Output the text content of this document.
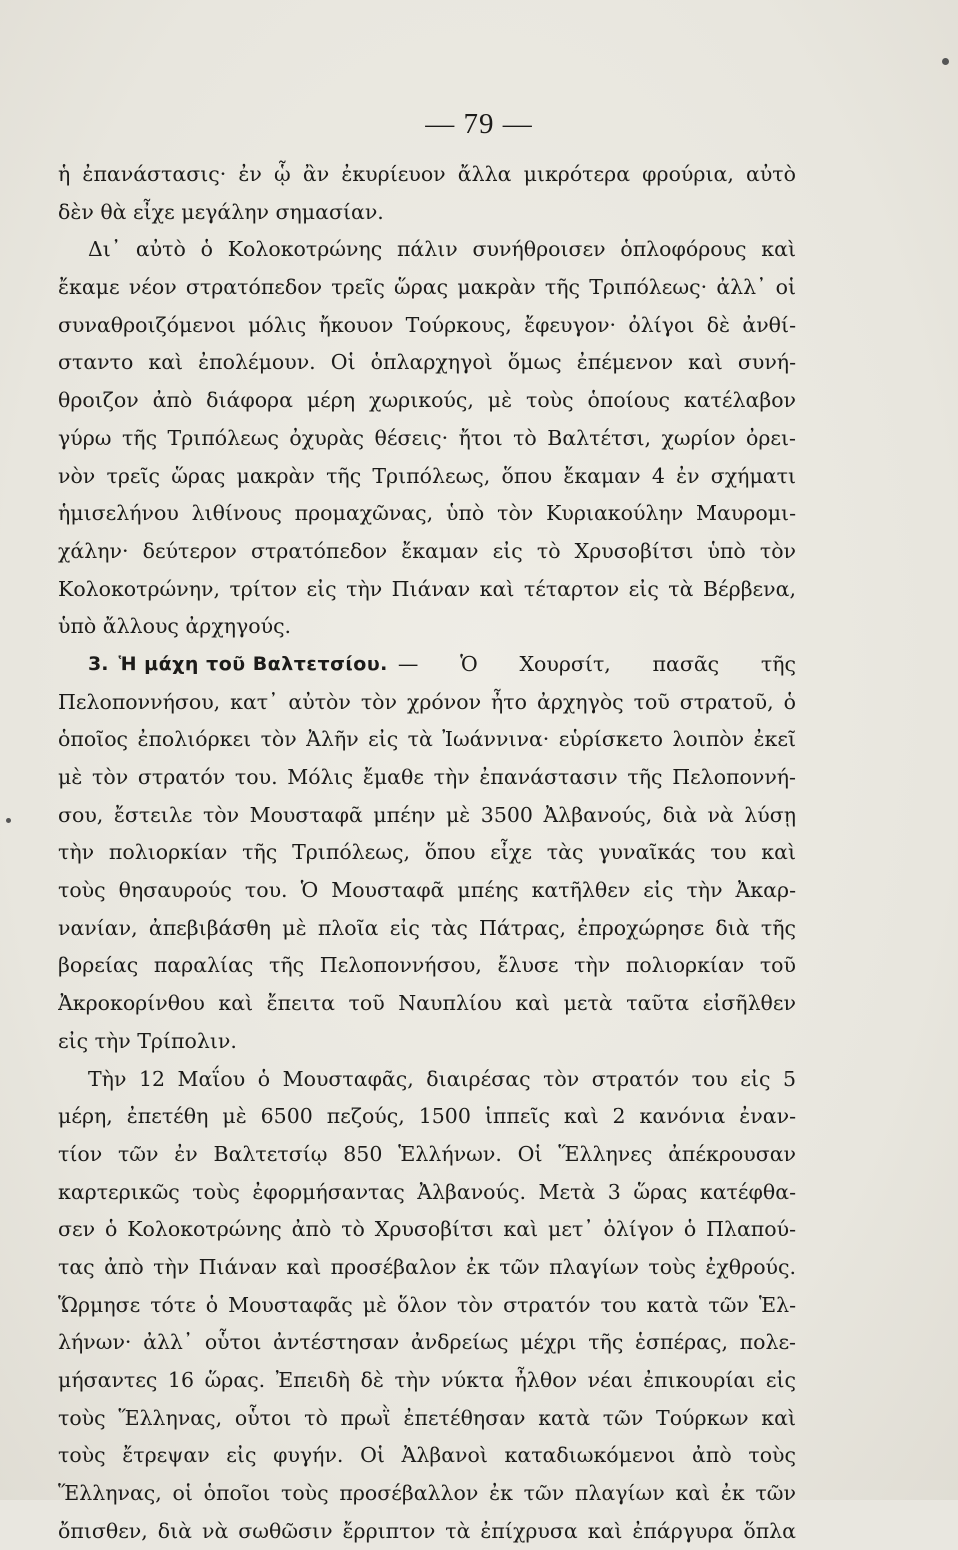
— 79 —
ἡ ἐπανάστασις· ἐν ᾧ ἂν ἐκυρίευον ἄλλα μικρότερα φρούρια, αὐτὸ
δὲν θὰ εἶχε μεγάλην σημασίαν.
Δι᾽ αὐτὸ ὁ Κολοκοτρώνης πάλιν συνήθροισεν ὁπλοφόρους καὶ
ἔκαμε νέον στρατόπεδον τρεῖς ὥρας μακρὰν τῆς Τριπόλεως· ἀλλ᾽ οἱ
συναθροιζόμενοι μόλις ἤκουον Τούρκους, ἔφευγον· ὀλίγοι δὲ ἀνθί-
σταντο καὶ ἐπολέμουν. Οἱ ὁπλαρχηγοὶ ὅμως ἐπέμενον καὶ συνή-
θροιζον ἀπὸ διάφορα μέρη χωρικούς, μὲ τοὺς ὁποίους κατέλαβον
γύρω τῆς Τριπόλεως ὀχυρὰς θέσεις· ἤτοι τὸ Βαλτέτσι, χωρίον ὀρει-
νὸν τρεῖς ὥρας μακρὰν τῆς Τριπόλεως, ὅπου ἔκαμαν 4 ἐν σχήματι
ἡμισελήνου λιθίνους προμαχῶνας, ὑπὸ τὸν Κυριακούλην Μαυρομι-
χάλην· δεύτερον στρατόπεδον ἔκαμαν εἰς τὸ Χρυσοβίτσι ὑπὸ τὸν
Κολοκοτρώνην, τρίτον εἰς τὴν Πιάναν καὶ τέταρτον εἰς τὰ Βέρβενα,
ὑπὸ ἄλλους ἀρχηγούς.
3. Ἡ μάχη τοῦ Βαλτετσίου. — Ὁ Χουρσίτ, πασᾶς τῆς
Πελοποννήσου, κατ᾽ αὐτὸν τὸν χρόνον ἦτο ἀρχηγὸς τοῦ στρατοῦ, ὁ
ὁποῖος ἐπολιόρκει τὸν Ἀλῆν εἰς τὰ Ἰωάννινα· εὑρίσκετο λοιπὸν ἐκεῖ
μὲ τὸν στρατόν του. Μόλις ἔμαθε τὴν ἐπανάστασιν τῆς Πελοποννή-
σου, ἔστειλε τὸν Μουσταφᾶ μπέην μὲ 3500 Ἀλβανούς, διὰ νὰ λύσῃ
τὴν πολιορκίαν τῆς Τριπόλεως, ὅπου εἶχε τὰς γυναῖκάς του καὶ
τοὺς θησαυρούς του. Ὁ Μουσταφᾶ μπέης κατῆλθεν εἰς τὴν Ἀκαρ-
νανίαν, ἀπεβιβάσθη μὲ πλοῖα εἰς τὰς Πάτρας, ἐπροχώρησε διὰ τῆς
βορείας παραλίας τῆς Πελοποννήσου, ἔλυσε τὴν πολιορκίαν τοῦ
Ἀκροκορίνθου καὶ ἔπειτα τοῦ Ναυπλίου καὶ μετὰ ταῦτα εἰσῆλθεν
εἰς τὴν Τρίπολιν.
Τὴν 12 Μαΐου ὁ Μουσταφᾶς, διαιρέσας τὸν στρατόν του εἰς 5
μέρη, ἐπετέθη μὲ 6500 πεζούς, 1500 ἱππεῖς καὶ 2 κανόνια ἐναν-
τίον τῶν ἐν Βαλτετσίῳ 850 Ἑλλήνων. Οἱ Ἕλληνες ἀπέκρουσαν
καρτερικῶς τοὺς ἐφορμήσαντας Ἀλβανούς. Μετὰ 3 ὥρας κατέφθα-
σεν ὁ Κολοκοτρώνης ἀπὸ τὸ Χρυσοβίτσι καὶ μετ᾽ ὀλίγον ὁ Πλαπού-
τας ἀπὸ τὴν Πιάναν καὶ προσέβαλον ἐκ τῶν πλαγίων τοὺς ἐχθρούς.
Ὥρμησε τότε ὁ Μουσταφᾶς μὲ ὅλον τὸν στρατόν του κατὰ τῶν Ἑλ-
λήνων· ἀλλ᾽ οὗτοι ἀντέστησαν ἀνδρείως μέχρι τῆς ἑσπέρας, πολε-
μήσαντες 16 ὥρας. Ἐπειδὴ δὲ τὴν νύκτα ἦλθον νέαι ἐπικουρίαι εἰς
τοὺς Ἕλληνας, οὗτοι τὸ πρωῒ ἐπετέθησαν κατὰ τῶν Τούρκων καὶ
τοὺς ἔτρεψαν εἰς φυγήν. Οἱ Ἀλβανοὶ καταδιωκόμενοι ἀπὸ τοὺς
Ἕλληνας, οἱ ὁποῖοι τοὺς προσέβαλλον ἐκ τῶν πλαγίων καὶ ἐκ τῶν
ὄπισθεν, διὰ νὰ σωθῶσιν ἔρριπτον τὰ ἐπίχρυσα καὶ ἐπάργυρα ὅπλα
